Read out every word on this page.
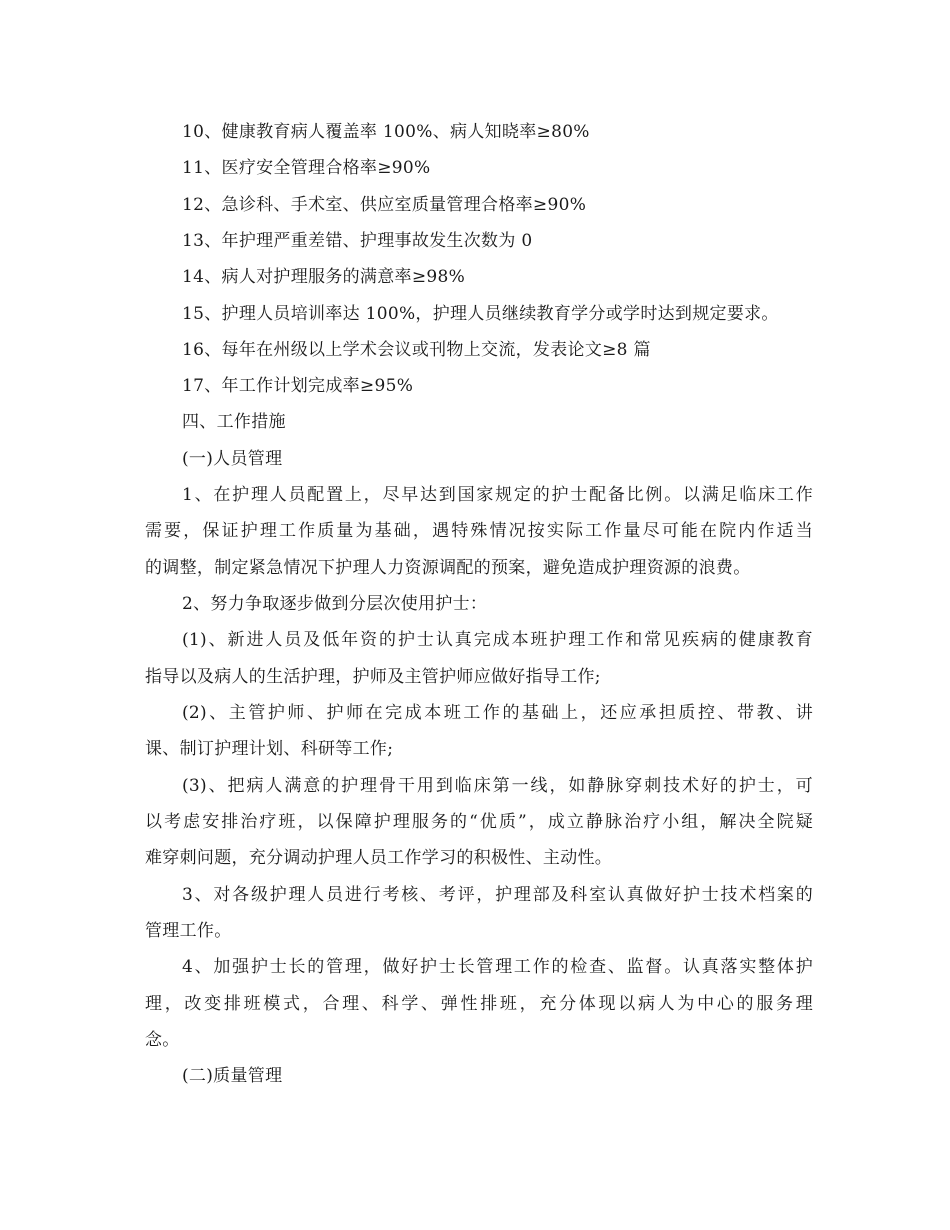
10、健康教育病人覆盖率 100%、病人知晓率≥80%
11、医疗安全管理合格率≥90%
12、急诊科、手术室、供应室质量管理合格率≥90%
13、年护理严重差错、护理事故发生次数为 0
14、病人对护理服务的满意率≥98%
15、护理人员培训率达 100%，护理人员继续教育学分或学时达到规定要求。
16、每年在州级以上学术会议或刊物上交流，发表论文≥8 篇
17、年工作计划完成率≥95%
四、工作措施
(一)人员管理
1、在护理人员配置上，尽早达到国家规定的护士配备比例。以满足临床工作
需要，保证护理工作质量为基础，遇特殊情况按实际工作量尽可能在院内作适当
的调整，制定紧急情况下护理人力资源调配的预案，避免造成护理资源的浪费。
2、努力争取逐步做到分层次使用护士：
(1)、新进人员及低年资的护士认真完成本班护理工作和常见疾病的健康教育
指导以及病人的生活护理，护师及主管护师应做好指导工作;
(2)、主管护师、护师在完成本班工作的基础上，还应承担质控、带教、讲
课、制订护理计划、科研等工作;
(3)、把病人满意的护理骨干用到临床第一线，如静脉穿刺技术好的护士，可
以考虑安排治疗班，以保障护理服务的“优质”，成立静脉治疗小组，解决全院疑
难穿刺问题，充分调动护理人员工作学习的积极性、主动性。
3、对各级护理人员进行考核、考评，护理部及科室认真做好护士技术档案的
管理工作。
4、加强护士长的管理，做好护士长管理工作的检查、监督。认真落实整体护
理，改变排班模式，合理、科学、弹性排班，充分体现以病人为中心的服务理
念。
(二)质量管理
